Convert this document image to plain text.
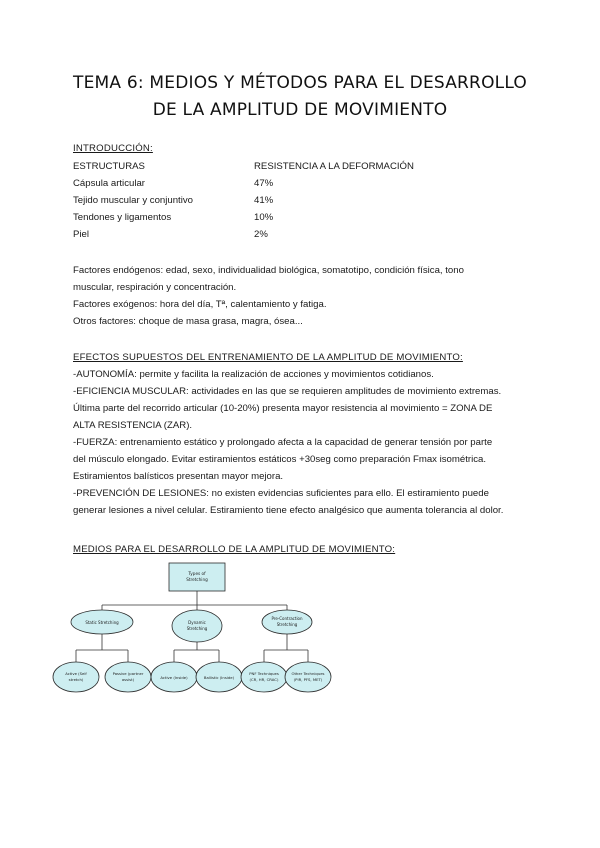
TEMA 6: MEDIOS Y MÉTODOS PARA EL DESARROLLO
DE LA AMPLITUD DE MOVIMIENTO
INTRODUCCIÓN:
ESTRUCTURAS	RESISTENCIA A LA DEFORMACIÓN
Cápsula articular	47%
Tejido muscular y conjuntivo	41%
Tendones y ligamentos	10%
Piel	2%
Factores endógenos: edad, sexo, individualidad biológica, somatotipo, condición física, tono
muscular, respiración y concentración.
Factores exógenos: hora del día, Tª, calentamiento y fatiga.
Otros factores: choque de masa grasa, magra, ósea...
EFECTOS SUPUESTOS DEL ENTRENAMIENTO DE LA AMPLITUD DE MOVIMIENTO:
-AUTONOMÍA: permite y facilita la realización de acciones y movimientos cotidianos.
-EFICIENCIA MUSCULAR: actividades en las que se requieren amplitudes de movimiento extremas.
Última parte del recorrido articular (10-20%) presenta mayor resistencia al movimiento = ZONA DE
ALTA RESISTENCIA (ZAR).
-FUERZA: entrenamiento estático y prolongado afecta a la capacidad de generar tensión por parte
del músculo elongado. Evitar estiramientos estáticos +30seg como preparación Fmax isométrica.
Estiramientos balísticos presentan mayor mejora.
-PREVENCIÓN DE LESIONES: no existen evidencias suficientes para ello. El estiramiento puede
generar lesiones a nivel celular. Estiramiento tiene efecto analgésico que aumenta tolerancia al dolor.
MEDIOS PARA EL DESARROLLO DE LA AMPLITUD DE MOVIMIENTO:
Types of
Stretching
Static Stretching	Dynamic
Stretching
Pre-Contraction
Stretching
Active (Self
stretch)
Passive (partner
assist)	Active (Inside)	Ballistic (Inside)
PNF Techniques
(CR, HR, CRAC)
Other Techniques
(PIR, PFS, MET)
